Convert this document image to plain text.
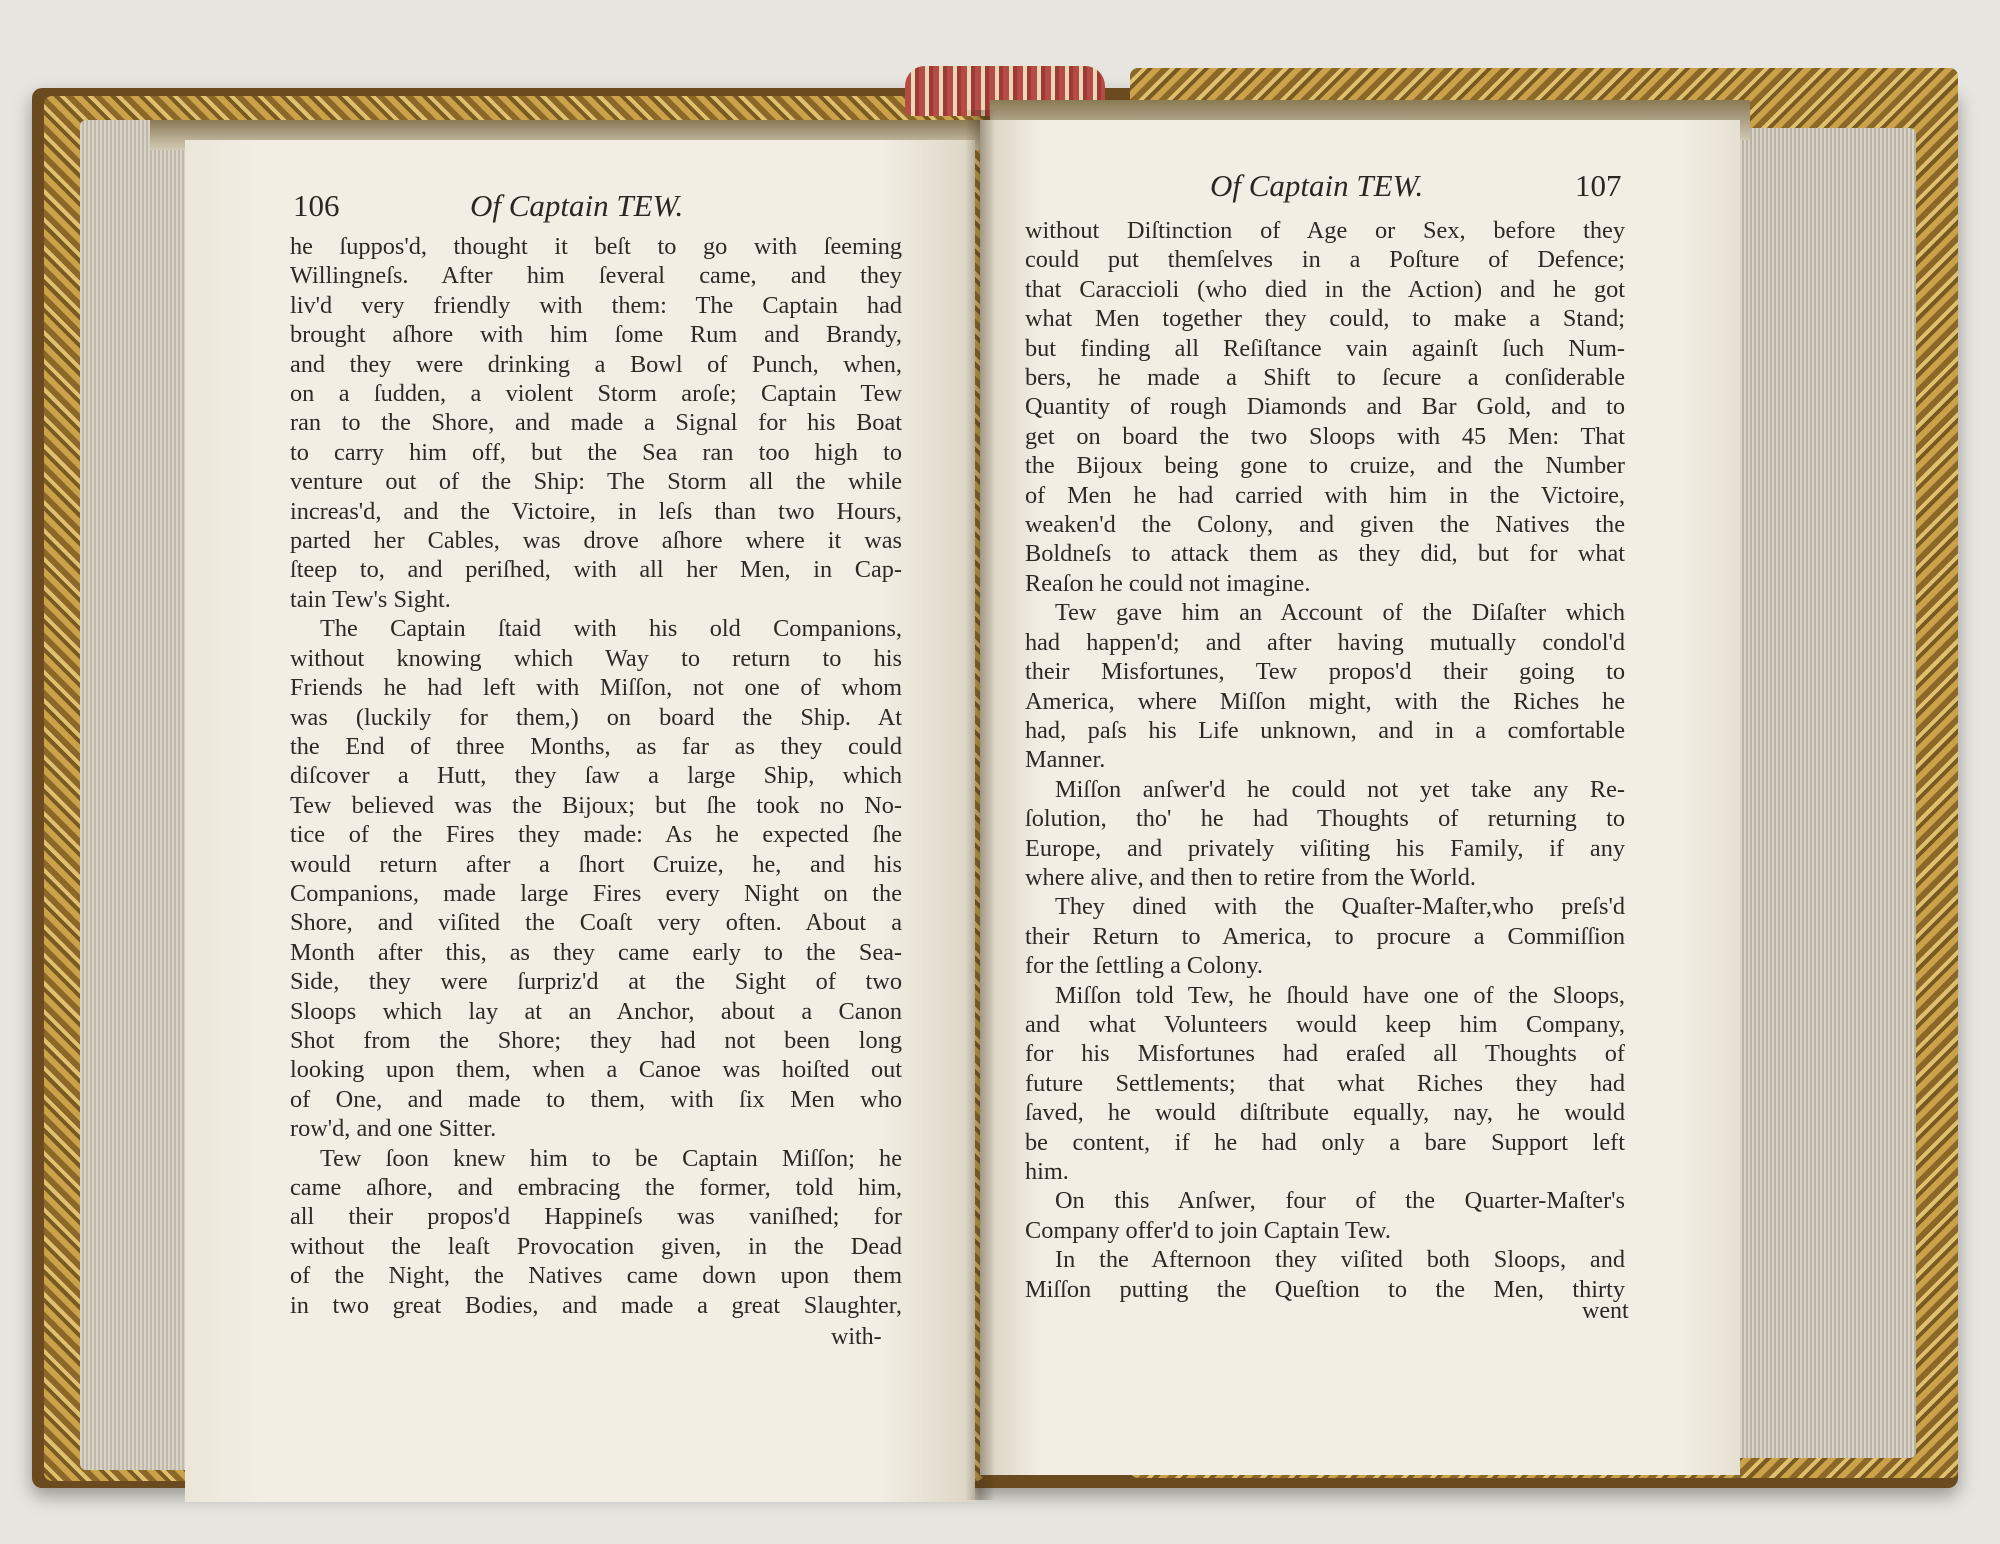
106	Of Captain TEW.
he ſuppos'd, thought it beſt to go with ſeeming
Willingneſs. After him ſeveral came, and they
liv'd very friendly with them: The Captain had
brought aſhore with him ſome Rum and Brandy,
and they were drinking a Bowl of Punch, when,
on a ſudden, a violent Storm aroſe; Captain Tew
ran to the Shore, and made a Signal for his Boat
to carry him off, but the Sea ran too high to
venture out of the Ship: The Storm all the while
increas'd, and the Victoire, in leſs than two Hours,
parted her Cables, was drove aſhore where it was
ſteep to, and periſhed, with all her Men, in Cap-
tain Tew's Sight.
The Captain ſtaid with his old Companions,
without knowing which Way to return to his
Friends he had left with Miſſon, not one of whom
was (luckily for them,) on board the Ship. At
the End of three Months, as far as they could
diſcover a Hutt, they ſaw a large Ship, which
Tew believed was the Bijoux; but ſhe took no No-
tice of the Fires they made: As he expected ſhe
would return after a ſhort Cruize, he, and his
Companions, made large Fires every Night on the
Shore, and viſited the Coaſt very often. About a
Month after this, as they came early to the Sea-
Side, they were ſurpriz'd at the Sight of two
Sloops which lay at an Anchor, about a Canon
Shot from the Shore; they had not been long
looking upon them, when a Canoe was hoiſted out
of One, and made to them, with ſix Men who
row'd, and one Sitter.
Tew ſoon knew him to be Captain Miſſon; he
came aſhore, and embracing the former, told him,
all their propos'd Happineſs was vaniſhed; for
without the leaſt Provocation given, in the Dead
of the Night, the Natives came down upon them
in two great Bodies, and made a great Slaughter,
with-
Of Captain TEW.	107
without Diſtinction of Age or Sex, before they
could put themſelves in a Poſture of Defence;
that Caraccioli (who died in the Action) and he got
what Men together they could, to make a Stand;
but finding all Reſiſtance vain againſt ſuch Num-
bers, he made a Shift to ſecure a conſiderable
Quantity of rough Diamonds and Bar Gold, and to
get on board the two Sloops with 45 Men: That
the Bijoux being gone to cruize, and the Number
of Men he had carried with him in the Victoire,
weaken'd the Colony, and given the Natives the
Boldneſs to attack them as they did, but for what
Reaſon he could not imagine.
Tew gave him an Account of the Diſaſter which
had happen'd; and after having mutually condol'd
their Misfortunes, Tew propos'd their going to
America, where Miſſon might, with the Riches he
had, paſs his Life unknown, and in a comfortable
Manner.
Miſſon anſwer'd he could not yet take any Re-
ſolution, tho' he had Thoughts of returning to
Europe, and privately viſiting his Family, if any
where alive, and then to retire from the World.
They dined with the Quaſter-Maſter,who preſs'd
their Return to America, to procure a Commiſſion
for the ſettling a Colony.
Miſſon told Tew, he ſhould have one of the Sloops,
and what Volunteers would keep him Company,
for his Misfortunes had eraſed all Thoughts of
future Settlements; that what Riches they had
ſaved, he would diſtribute equally, nay, he would
be content, if he had only a bare Support left
him.
On this Anſwer, four of the Quarter-Maſter's
Company offer'd to join Captain Tew.
In the Afternoon they viſited both Sloops, and
Miſſon putting the Queſtion to the Men, thirty
went
